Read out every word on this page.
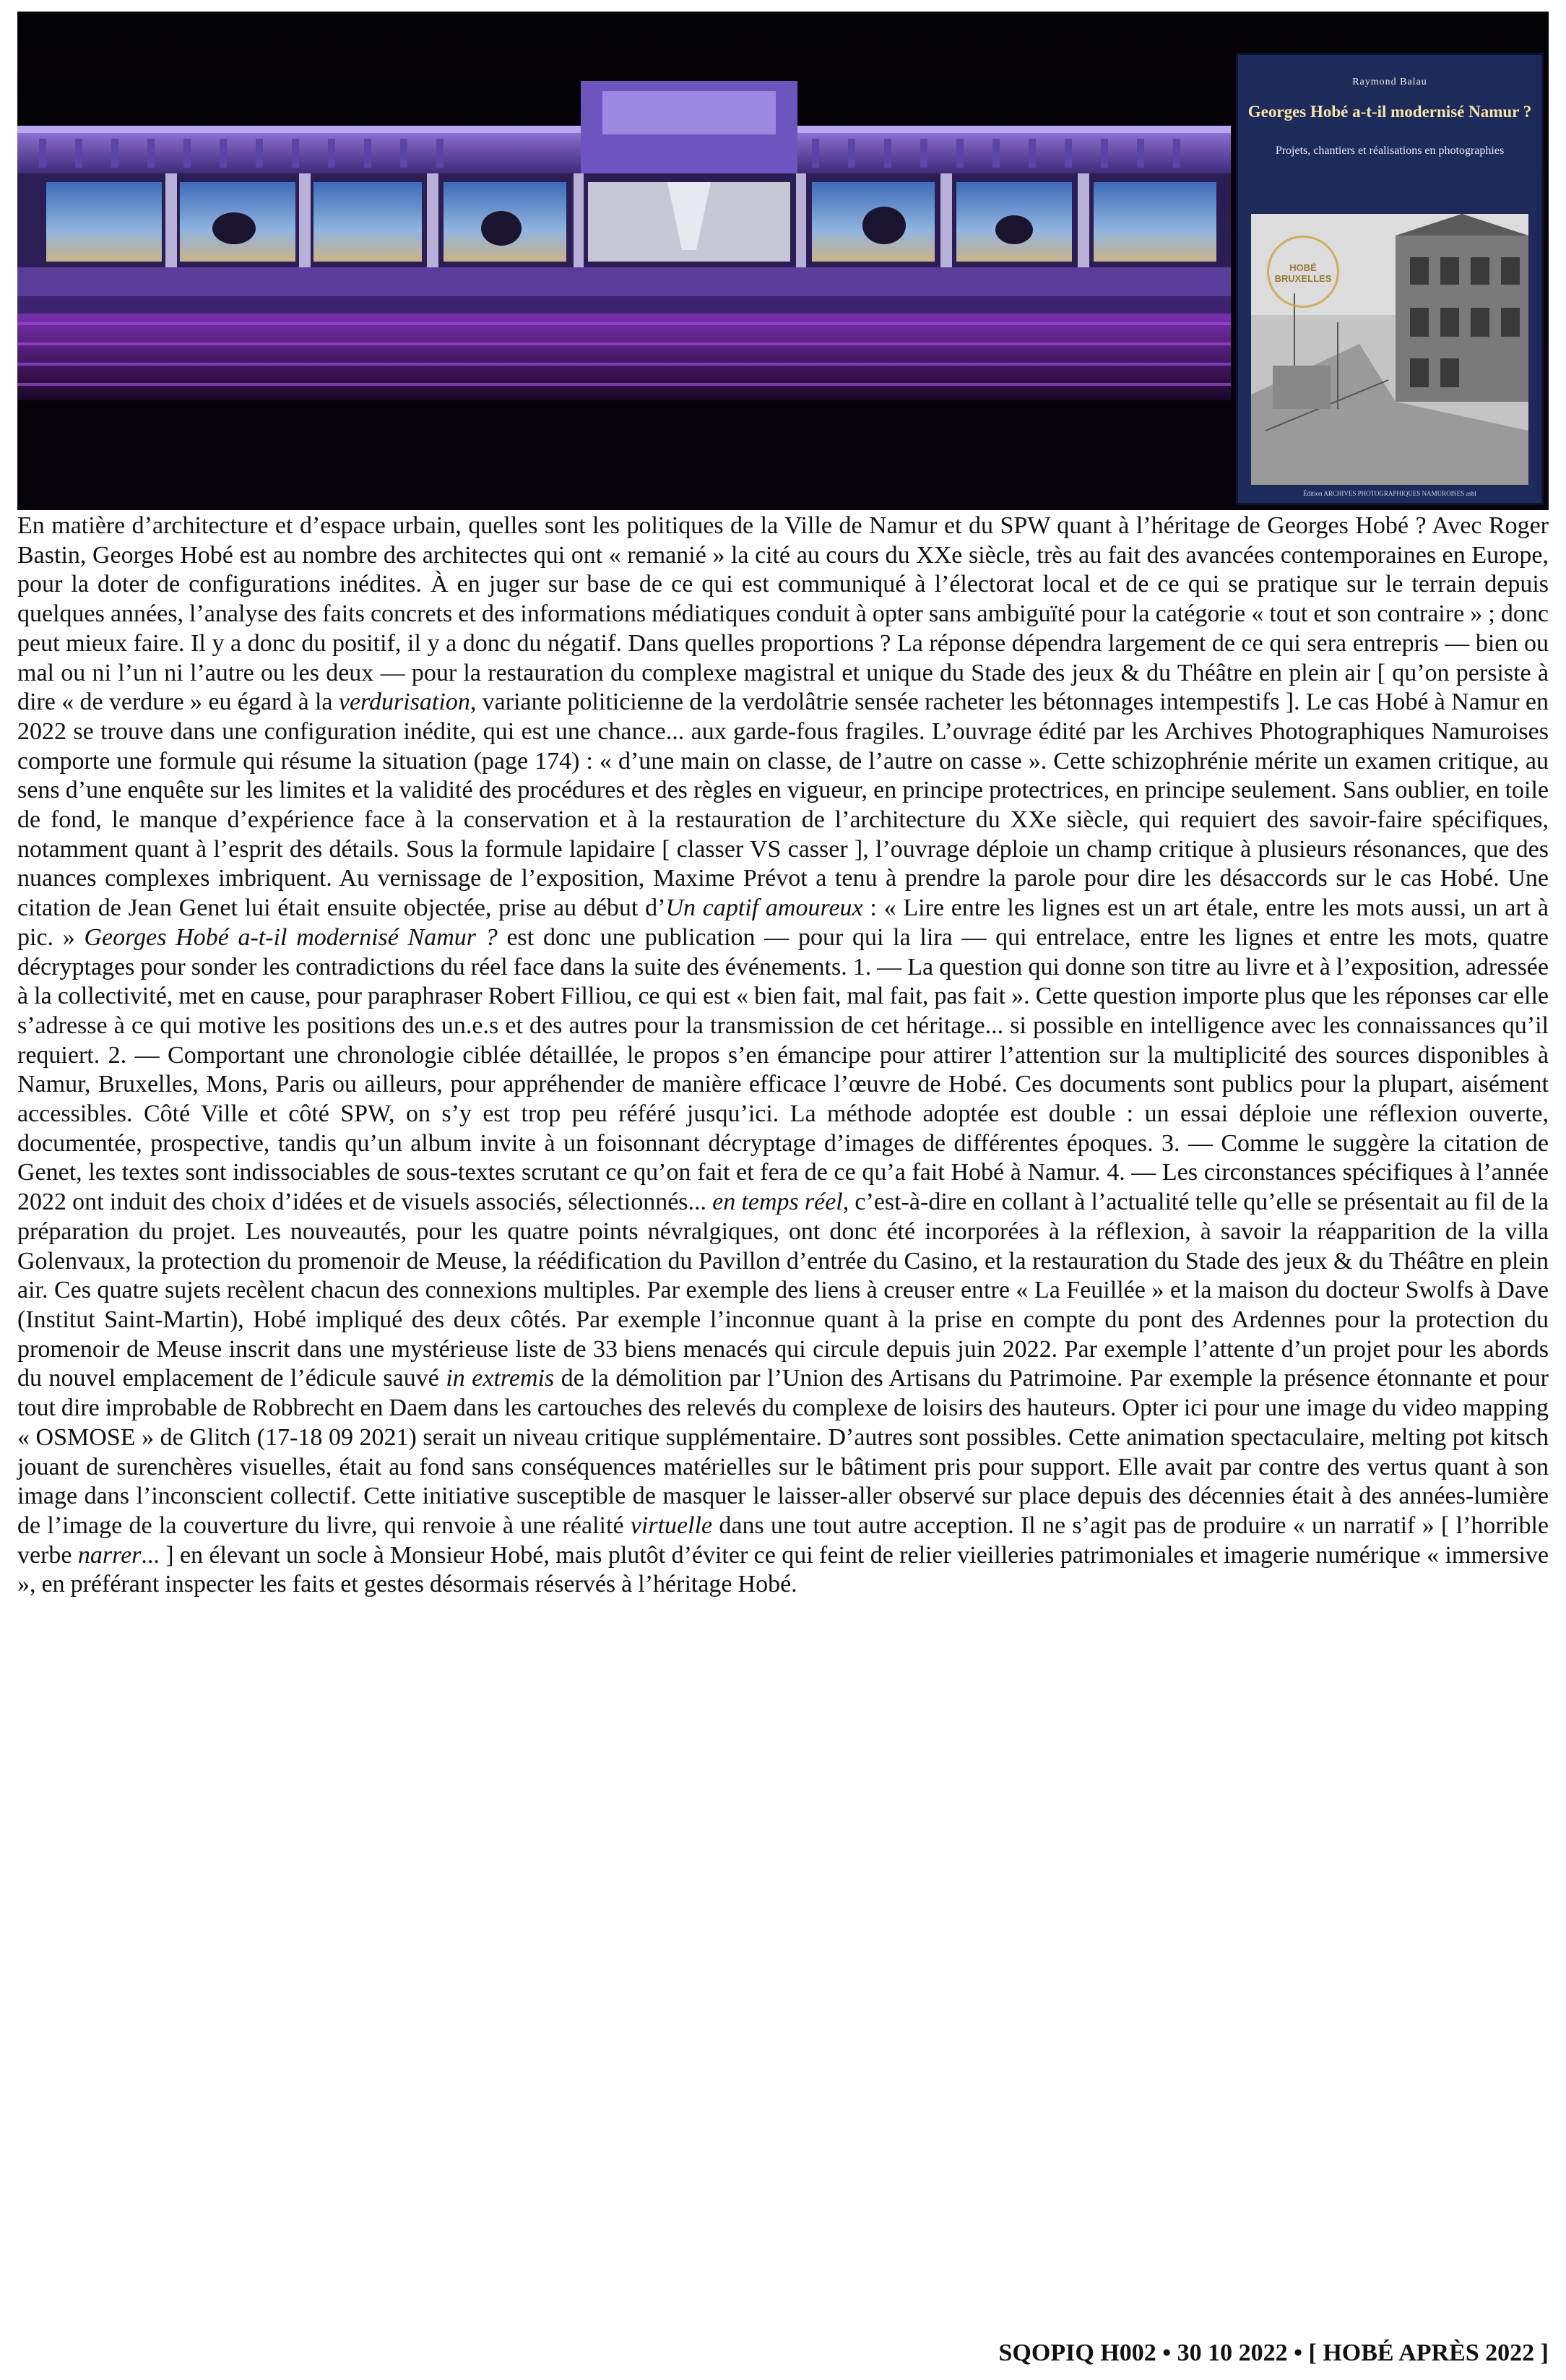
Raymond Balau
Georges Hobé a-t-il modernisé Namur ?
Projets, chantiers et réalisations en photographies
HOBÉ
BRUXELLES
Édition ARCHIVES PHOTOGRAPHIQUES NAMUROISES asbl
En matière d’architecture et d’espace urbain, quelles sont les politiques de la Ville de Namur et du SPW quant à l’héritage de Georges Hobé ? Avec Roger Bastin, Georges Hobé est au nombre des architectes qui ont « remanié » la cité au cours du XXe siècle, très au fait des avancées contemporaines en Europe, pour la doter de configurations inédites. À en juger sur base de ce qui est communiqué à l’électorat local et de ce qui se pratique sur le terrain depuis quelques années, l’analyse des faits concrets et des informations médiatiques conduit à opter sans ambiguïté pour la catégorie « tout et son contraire » ; donc peut mieux faire. Il y a donc du positif, il y a donc du négatif. Dans quelles proportions ? La réponse dépendra largement de ce qui sera entrepris — bien ou mal ou ni l’un ni l’autre ou les deux — pour la restauration du complexe magistral et unique du Stade des jeux & du Théâtre en plein air [ qu’on persiste à dire « de verdure » eu égard à la verdurisation, variante politicienne de la verdolâtrie sensée racheter les bétonnages intempestifs ]. Le cas Hobé à Namur en 2022 se trouve dans une configuration inédite, qui est une chance... aux garde-fous fragiles. L’ouvrage édité par les Archives Photographiques Namuroises comporte une formule qui résume la situation (page 174) : « d’une main on classe, de l’autre on casse ». Cette schizophrénie mérite un examen critique, au sens d’une enquête sur les limites et la validité des procédures et des règles en vigueur, en principe protectrices, en principe seulement. Sans oublier, en toile de fond, le manque d’expérience face à la conservation et à la restauration de l’architecture du XXe siècle, qui requiert des savoir-faire spécifiques, notamment quant à l’esprit des détails. Sous la formule lapidaire [ classer VS casser ], l’ouvrage déploie un champ critique à plusieurs résonances, que des nuances complexes imbriquent. Au vernissage de l’exposition, Maxime Prévot a tenu à prendre la parole pour dire les désaccords sur le cas Hobé. Une citation de Jean Genet lui était ensuite objectée, prise au début d’Un captif amoureux : « Lire entre les lignes est un art étale, entre les mots aussi, un art à pic. » Georges Hobé a-t-il modernisé Namur ? est donc une publication — pour qui la lira — qui entrelace, entre les lignes et entre les mots, quatre décryptages pour sonder les contradictions du réel face dans la suite des événements. 1. — La question qui donne son titre au livre et à l’exposition, adressée à la collectivité, met en cause, pour paraphraser Robert Filliou, ce qui est « bien fait, mal fait, pas fait ». Cette question importe plus que les réponses car elle s’adresse à ce qui motive les positions des un.e.s et des autres pour la transmission de cet héritage... si possible en intelligence avec les connaissances qu’il requiert. 2. — Comportant une chronologie ciblée détaillée, le propos s’en émancipe pour attirer l’attention sur la multiplicité des sources disponibles à Namur, Bruxelles, Mons, Paris ou ailleurs, pour appréhender de manière efficace l’œuvre de Hobé. Ces documents sont publics pour la plupart, aisément accessibles. Côté Ville et côté SPW, on s’y est trop peu référé jusqu’ici. La méthode adoptée est double : un essai déploie une réflexion ouverte, documentée, prospective, tandis qu’un album invite à un foisonnant décryptage d’images de différentes époques. 3. — Comme le suggère la citation de Genet, les textes sont indissociables de sous-textes scrutant ce qu’on fait et fera de ce qu’a fait Hobé à Namur. 4. — Les circonstances spécifiques à l’année 2022 ont induit des choix d’idées et de visuels associés, sélectionnés... en temps réel, c’est-à-dire en collant à l’actualité telle qu’elle se présentait au fil de la préparation du projet. Les nouveautés, pour les quatre points névralgiques, ont donc été incorporées à la réflexion, à savoir la réapparition de la villa Golenvaux, la protection du promenoir de Meuse, la réédification du Pavillon d’entrée du Casino, et la restauration du Stade des jeux & du Théâtre en plein air. Ces quatre sujets recèlent chacun des connexions multiples. Par exemple des liens à creuser entre « La Feuillée » et la maison du docteur Swolfs à Dave (Institut Saint-Martin), Hobé impliqué des deux côtés. Par exemple l’inconnue quant à la prise en compte du pont des Ardennes pour la protection du promenoir de Meuse inscrit dans une mystérieuse liste de 33 biens menacés qui circule depuis juin 2022. Par exemple l’attente d’un projet pour les abords du nouvel emplacement de l’édicule sauvé in extremis de la démolition par l’Union des Artisans du Patrimoine. Par exemple la présence étonnante et pour tout dire improbable de Robbrecht en Daem dans les cartouches des relevés du complexe de loisirs des hauteurs. Opter ici pour une image du video mapping « OSMOSE » de Glitch (17-18 09 2021) serait un niveau critique supplémentaire. D’autres sont possibles. Cette animation spectaculaire, melting pot kitsch jouant de surenchères visuelles, était au fond sans conséquences matérielles sur le bâtiment pris pour support. Elle avait par contre des vertus quant à son image dans l’inconscient collectif. Cette initiative susceptible de masquer le laisser-aller observé sur place depuis des décennies était à des années-lumière de l’image de la couverture du livre, qui renvoie à une réalité virtuelle dans une tout autre acception. Il ne s’agit pas de produire « un narratif » [ l’horrible verbe narrer... ] en élevant un socle à Monsieur Hobé, mais plutôt d’éviter ce qui feint de relier vieilleries patrimoniales et imagerie numérique « immersive », en préférant inspecter les faits et gestes désormais réservés à l’héritage Hobé.
SQOPIQ H002 • 30 10 2022 • [ HOBÉ APRÈS 2022 ]
